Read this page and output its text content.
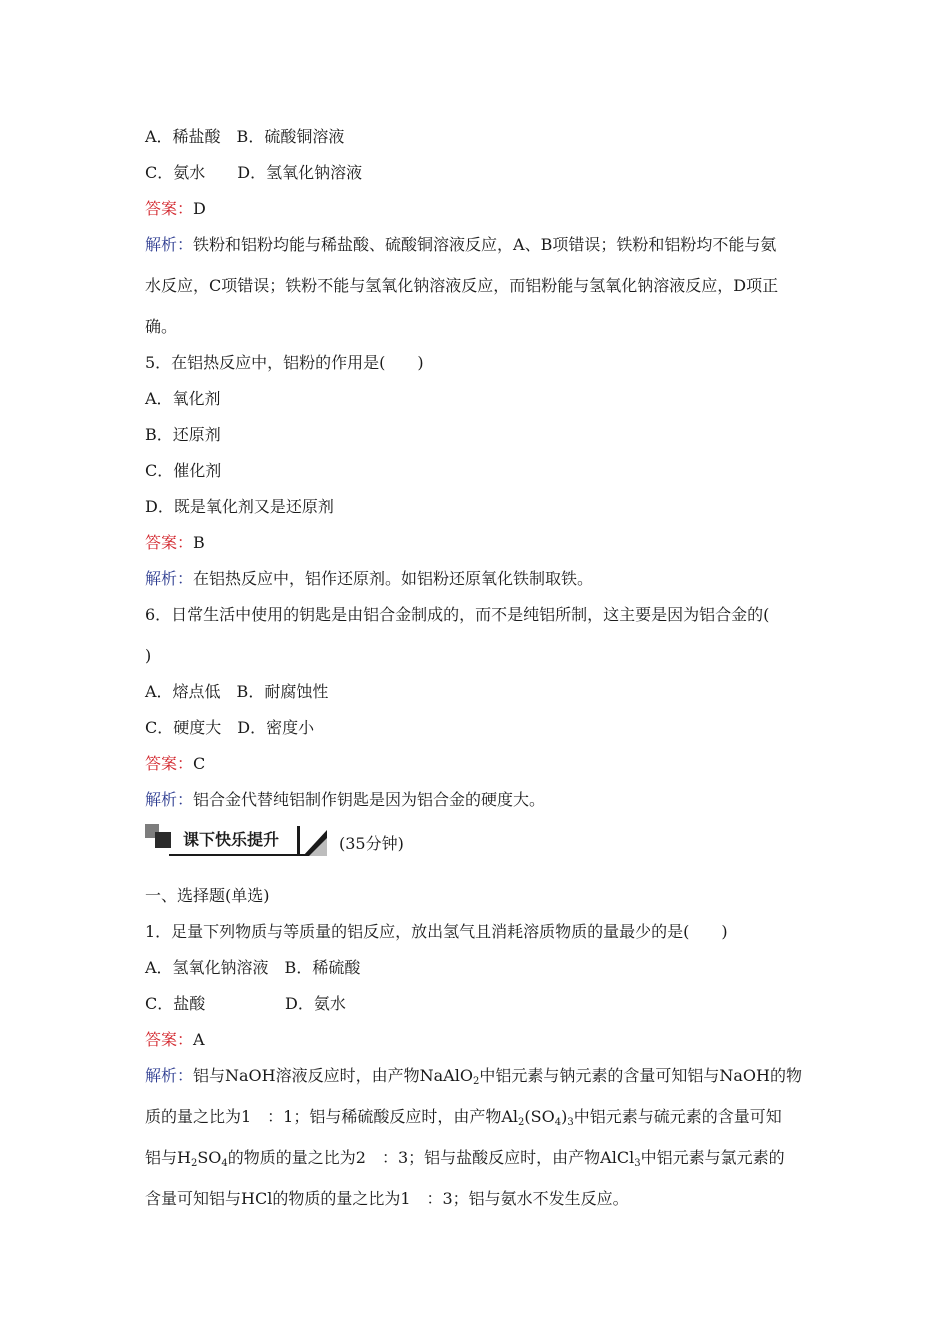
A．稀盐酸　B．硫酸铜溶液
C．氨水　　D．氢氧化钠溶液
答案：D
解析：铁粉和铝粉均能与稀盐酸、硫酸铜溶液反应，A、B项错误；铁粉和铝粉均不能与氨
水反应，C项错误；铁粉不能与氢氧化钠溶液反应，而铝粉能与氢氧化钠溶液反应，D项正
确。
5．在铝热反应中，铝粉的作用是(　　)
A．氧化剂
B．还原剂
C．催化剂
D．既是氧化剂又是还原剂
答案：B
解析：在铝热反应中，铝作还原剂。如铝粉还原氧化铁制取铁。
6．日常生活中使用的钥匙是由铝合金制成的，而不是纯铝所制，这主要是因为铝合金的(
)
A．熔点低　B．耐腐蚀性
C．硬度大　D．密度小
答案：C
解析：铝合金代替纯铝制作钥匙是因为铝合金的硬度大。
课下快乐提升	(35分钟)
一、选择题(单选)
1．足量下列物质与等质量的铝反应，放出氢气且消耗溶质物质的量最少的是(　　)
A．氢氧化钠溶液　B．稀硫酸
C．盐酸	D．氨水
答案：A
解析：铝与NaOH溶液反应时，由产物NaAlO$_2$中铝元素与钠元素的含量可知铝与NaOH的物
质的量之比为1　：1；铝与稀硫酸反应时，由产物$Al_2(SO_4)_3$中铝元素与硫元素的含量可知
铝与$H_2SO_4$的物质的量之比为2　：3；铝与盐酸反应时，由产物AlCl$_3$中铝元素与氯元素的
含量可知铝与HCl的物质的量之比为1　：3；铝与氨水不发生反应。
